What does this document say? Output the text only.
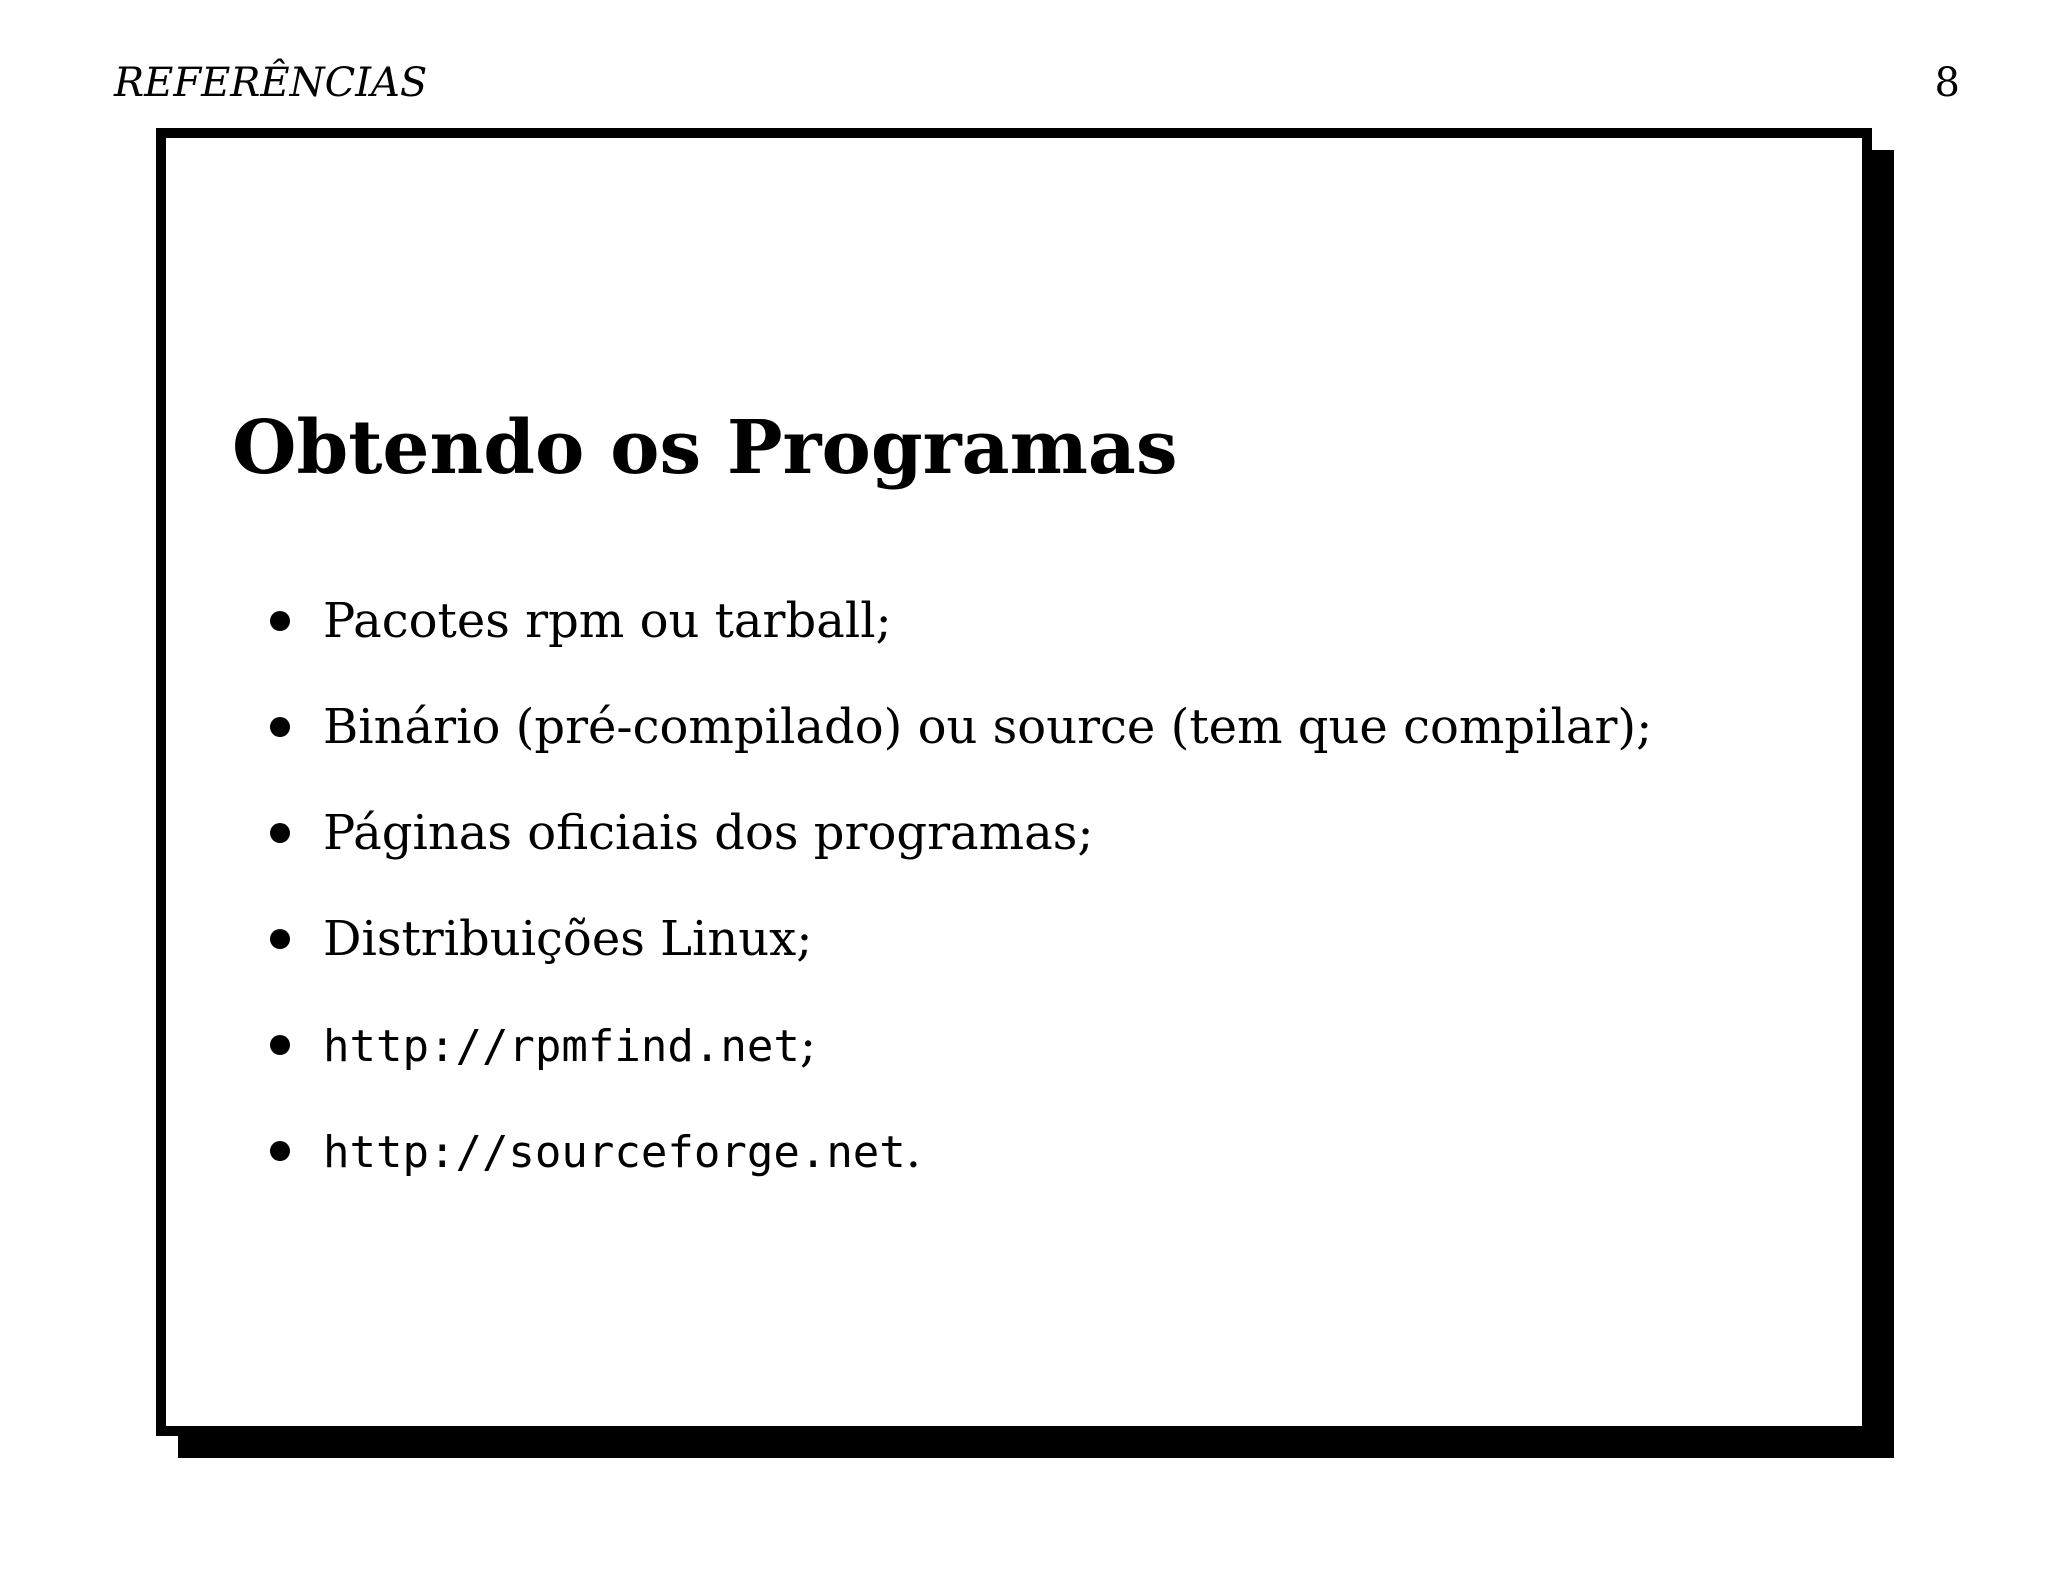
REFERÊNCIAS	8
Obtendo os Programas
Pacotes rpm ou tarball;
Binário (pré-compilado) ou source (tem que compilar);
Páginas oficiais dos programas;
Distribuições Linux;
http://rpmfind.net;
http://sourceforge.net.
